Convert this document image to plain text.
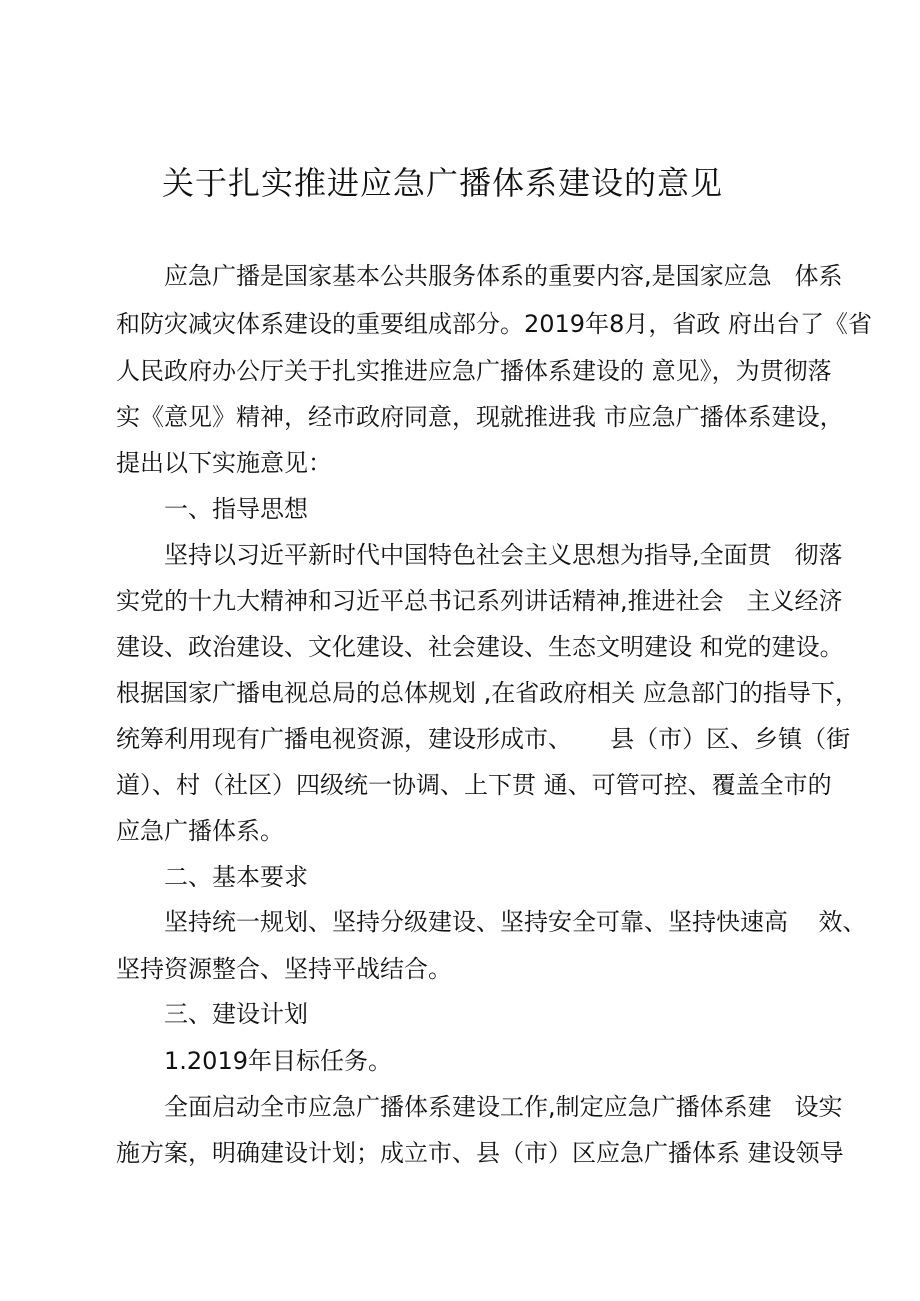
关于扎实推进应急广播体系建设的意见
应急广播是国家基本公共服务体系的重要内容,是国家应急   体系
和防灾减灾体系建设的重要组成部分。2019年8月，省政 府出台了《省
人民政府办公厅关于扎实推进应急广播体系建设的 意见》，为贯彻落
实《意见》精神，经市政府同意，现就推进我 市应急广播体系建设，
提出以下实施意见：
一、指导思想
坚持以习近平新时代中国特色社会主义思想为指导,全面贯   彻落
实党的十九大精神和习近平总书记系列讲话精神,推进社会   主义经济
建设、政治建设、文化建设、社会建设、生态文明建设 和党的建设。
根据国家广播电视总局的总体规划 ,在省政府相关 应急部门的指导下，
统筹利用现有广播电视资源，建设形成市、     县（市）区、乡镇（街
道）、村（社区）四级统一协调、上下贯 通、可管可控、覆盖全市的
应急广播体系。
二、基本要求
坚持统一规划、坚持分级建设、坚持安全可靠、坚持快速高    效、
坚持资源整合、坚持平战结合。
三、建设计划
1.2019年目标任务。
全面启动全市应急广播体系建设工作,制定应急广播体系建   设实
施方案，明确建设计划；成立市、县（市）区应急广播体系 建设领导
